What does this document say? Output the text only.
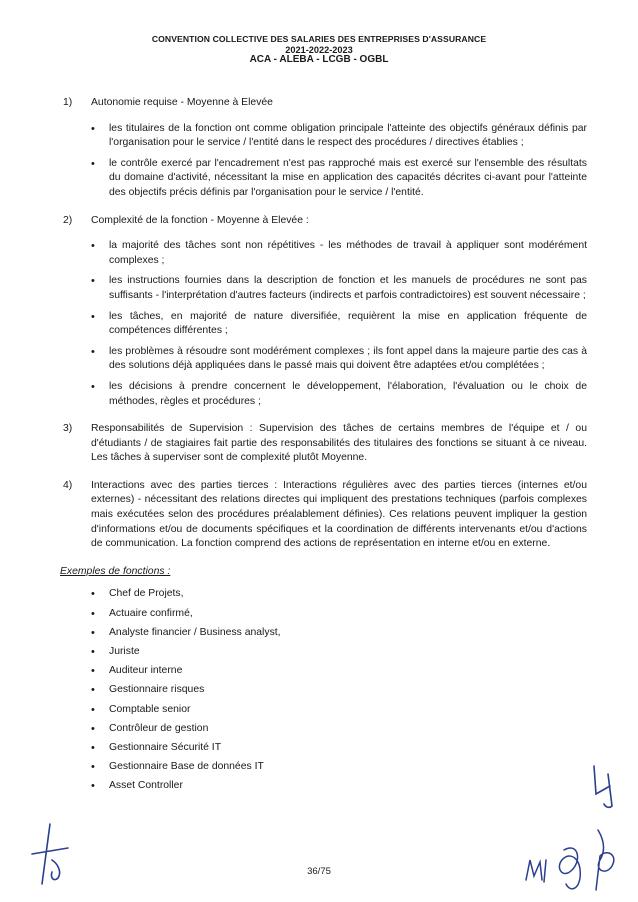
CONVENTION COLLECTIVE DES SALARIES DES ENTREPRISES D'ASSURANCE
2021-2022-2023
ACA - ALEBA - LCGB - OGBL
1) Autonomie requise - Moyenne à Elevée
• les titulaires de la fonction ont comme obligation principale l'atteinte des objectifs généraux définis par l'organisation pour le service / l'entité dans le respect des procédures / directives établies ;
• le contrôle exercé par l'encadrement n'est pas rapproché mais est exercé sur l'ensemble des résultats du domaine d'activité, nécessitant la mise en application des capacités décrites ci-avant pour l'atteinte des objectifs précis définis par l'organisation pour le service / l'entité.
2) Complexité de la fonction - Moyenne à Elevée :
• la majorité des tâches sont non répétitives - les méthodes de travail à appliquer sont modérément complexes ;
• les instructions fournies dans la description de fonction et les manuels de procédures ne sont pas suffisants - l'interprétation d'autres facteurs (indirects et parfois contradictoires) est souvent nécessaire ;
• les tâches, en majorité de nature diversifiée, requièrent la mise en application fréquente de compétences différentes ;
• les problèmes à résoudre sont modérément complexes ; ils font appel dans la majeure partie des cas à des solutions déjà appliquées dans le passé mais qui doivent être adaptées et/ou complétées ;
• les décisions à prendre concernent le développement, l'élaboration, l'évaluation ou le choix de méthodes, règles et procédures ;
3) Responsabilités de Supervision : Supervision des tâches de certains membres de l'équipe et / ou d'étudiants / de stagiaires fait partie des responsabilités des titulaires des fonctions se situant à ce niveau. Les tâches à superviser sont de complexité plutôt Moyenne.
4) Interactions avec des parties tierces : Interactions régulières avec des parties tierces (internes et/ou externes) - nécessitant des relations directes qui impliquent des prestations techniques (parfois complexes mais exécutées selon des procédures préalablement définies). Ces relations peuvent impliquer la gestion d'informations et/ou de documents spécifiques et la coordination de différents intervenants et/ou d'actions de communication. La fonction comprend des actions de représentation en interne et/ou en externe.
Exemples de fonctions :
• Chef de Projets,
• Actuaire confirmé,
• Analyste financier / Business analyst,
• Juriste
• Auditeur interne
• Gestionnaire risques
• Comptable senior
• Contrôleur de gestion
• Gestionnaire Sécurité IT
• Gestionnaire Base de données IT
• Asset Controller
36/75
